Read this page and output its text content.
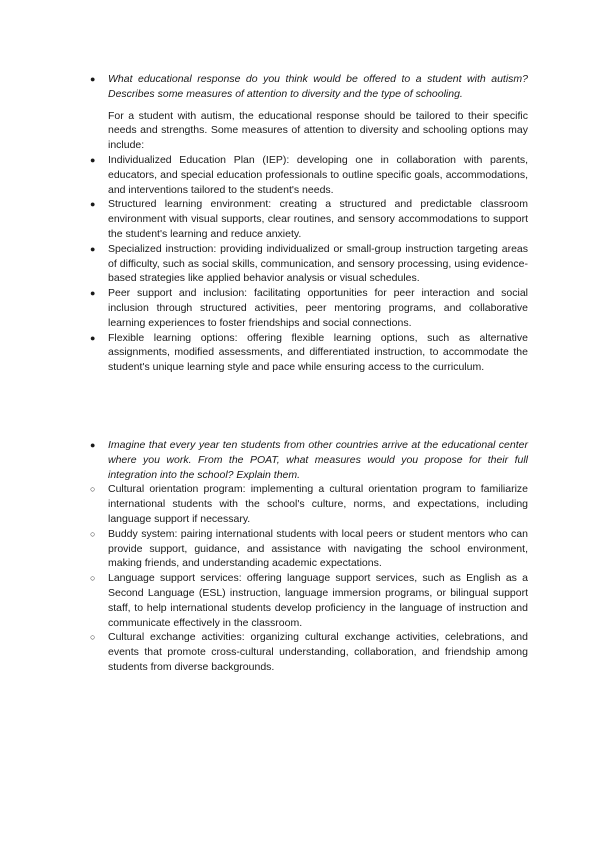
●	What educational response do you think would be offered to a student with autism? Describes some measures of attention to diversity and the type of schooling.
For a student with autism, the educational response should be tailored to their specific needs and strengths. Some measures of attention to diversity and schooling options may include:
●	Individualized Education Plan (IEP): developing one in collaboration with parents, educators, and special education professionals to outline specific goals, accommodations, and interventions tailored to the student's needs.
●	Structured learning environment: creating a structured and predictable classroom environment with visual supports, clear routines, and sensory accommodations to support the student's learning and reduce anxiety.
●	Specialized instruction: providing individualized or small-group instruction targeting areas of difficulty, such as social skills, communication, and sensory processing, using evidence-based strategies like applied behavior analysis or visual schedules.
●	Peer support and inclusion: facilitating opportunities for peer interaction and social inclusion through structured activities, peer mentoring programs, and collaborative learning experiences to foster friendships and social connections.
●	Flexible learning options: offering flexible learning options, such as alternative assignments, modified assessments, and differentiated instruction, to accommodate the student's unique learning style and pace while ensuring access to the curriculum.
●	Imagine that every year ten students from other countries arrive at the educational center where you work. From the POAT, what measures would you propose for their full integration into the school? Explain them.
○	Cultural orientation program: implementing a cultural orientation program to familiarize international students with the school's culture, norms, and expectations, including language support if necessary.
○	Buddy system: pairing international students with local peers or student mentors who can provide support, guidance, and assistance with navigating the school environment, making friends, and understanding academic expectations.
○	Language support services: offering language support services, such as English as a Second Language (ESL) instruction, language immersion programs, or bilingual support staff, to help international students develop proficiency in the language of instruction and communicate effectively in the classroom.
○	Cultural exchange activities: organizing cultural exchange activities, celebrations, and events that promote cross-cultural understanding, collaboration, and friendship among students from diverse backgrounds.
